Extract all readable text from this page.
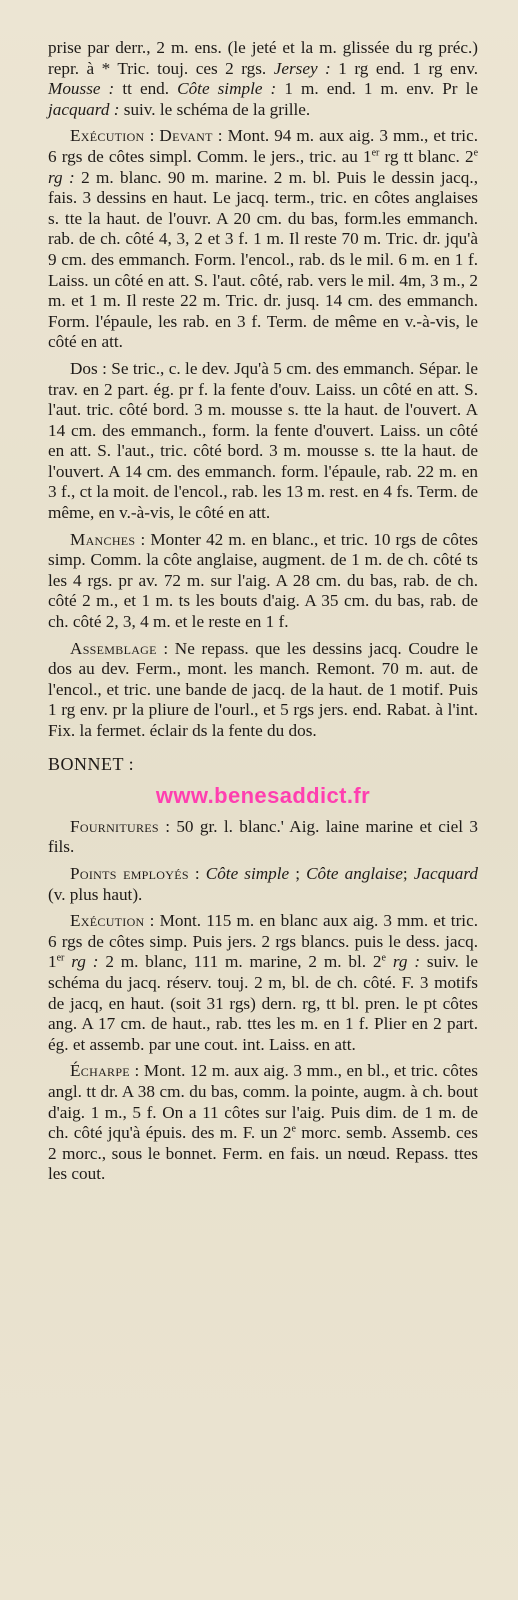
prise par derr., 2 m. ens. (le jeté et la m. glissée du rg préc.) repr. à * Tric. touj. ces 2 rgs. Jersey : 1 rg end. 1 rg env. Mousse : tt end. Côte simple : 1 m. end. 1 m. env. Pr le jacquard : suiv. le schéma de la grille.

Exécution : Devant : Mont. 94 m. aux aig. 3 mm., et tric. 6 rgs de côtes simpl. Comm. le jers., tric. au 1er rg tt blanc. 2e rg : 2 m. blanc. 90 m. marine. 2 m. bl. Puis le dessin jacq., fais. 3 dessins en haut. Le jacq. term., tric. en côtes anglaises s. tte la haut. de l'ouvr. A 20 cm. du bas, form.les emmanch. rab. de ch. côté 4, 3, 2 et 3 f. 1 m. Il reste 70 m. Tric. dr. jqu'à 9 cm. des emmanch. Form. l'encol., rab. ds le mil. 6 m. en 1 f. Laiss. un côté en att. S. l'aut. côté, rab. vers le mil. 4m, 3 m., 2 m. et 1 m. Il reste 22 m. Tric. dr. jusq. 14 cm. des emmanch. Form. l'épaule, les rab. en 3 f. Term. de même en v.-à-vis, le côté en att.

Dos : Se tric., c. le dev. Jqu'à 5 cm. des emmanch. Sépar. le trav. en 2 part. ég. pr f. la fente d'ouv. Laiss. un côté en att. S. l'aut. tric. côté bord. 3 m. mousse s. tte la haut. de l'ouvert. A 14 cm. des emmanch., form. la fente d'ouvert. Laiss. un côté en att. S. l'aut., tric. côté bord. 3 m. mousse s. tte la haut. de l'ouvert. A 14 cm. des emmanch. form. l'épaule, rab. 22 m. en 3 f., ct la moit. de l'encol., rab. les 13 m. rest. en 4 fs. Term. de même, en v.-à-vis, le côté en att.

Manches : Monter 42 m. en blanc., et tric. 10 rgs de côtes simp. Comm. la côte anglaise, augment. de 1 m. de ch. côté ts les 4 rgs. pr av. 72 m. sur l'aig. A 28 cm. du bas, rab. de ch. côté 2 m., et 1 m. ts les bouts d'aig. A 35 cm. du bas, rab. de ch. côté 2, 3, 4 m. et le reste en 1 f.

Assemblage : Ne repass. que les dessins jacq. Coudre le dos au dev. Ferm., mont. les manch. Remont. 70 m. aut. de l'encol., et tric. une bande de jacq. de la haut. de 1 motif. Puis 1 rg env. pr la pliure de l'ourl., et 5 rgs jers. end. Rabat. à l'int. Fix. la fermet. éclair ds la fente du dos.

BONNET :
www.benesaddict.fr

Fournitures : 50 gr. l. blanc.' Aig. laine marine et ciel 3 fils.

Points employés : Côte simple ; Côte anglaise; Jacquard (v. plus haut).

Exécution : Mont. 115 m. en blanc aux aig. 3 mm. et tric. 6 rgs de côtes simp. Puis jers. 2 rgs blancs. puis le dess. jacq. 1er rg : 2 m. blanc, 111 m. marine, 2 m. bl. 2e rg : suiv. le schéma du jacq. réserv. touj. 2 m, bl. de ch. côté. F. 3 motifs de jacq, en haut. (soit 31 rgs) dern. rg, tt bl. pren. le pt côtes ang. A 17 cm. de haut., rab. ttes les m. en 1 f. Plier en 2 part. ég. et assemb. par une cout. int. Laiss. en att.

Écharpe : Mont. 12 m. aux aig. 3 mm., en bl., et tric. côtes angl. tt dr. A 38 cm. du bas, comm. la pointe, augm. à ch. bout d'aig. 1 m., 5 f. On a 11 côtes sur l'aig. Puis dim. de 1 m. de ch. côté jqu'à épuis. des m. F. un 2e morc. semb. Assemb. ces 2 morc., sous le bonnet. Ferm. en fais. un nœud. Repass. ttes les cout.
